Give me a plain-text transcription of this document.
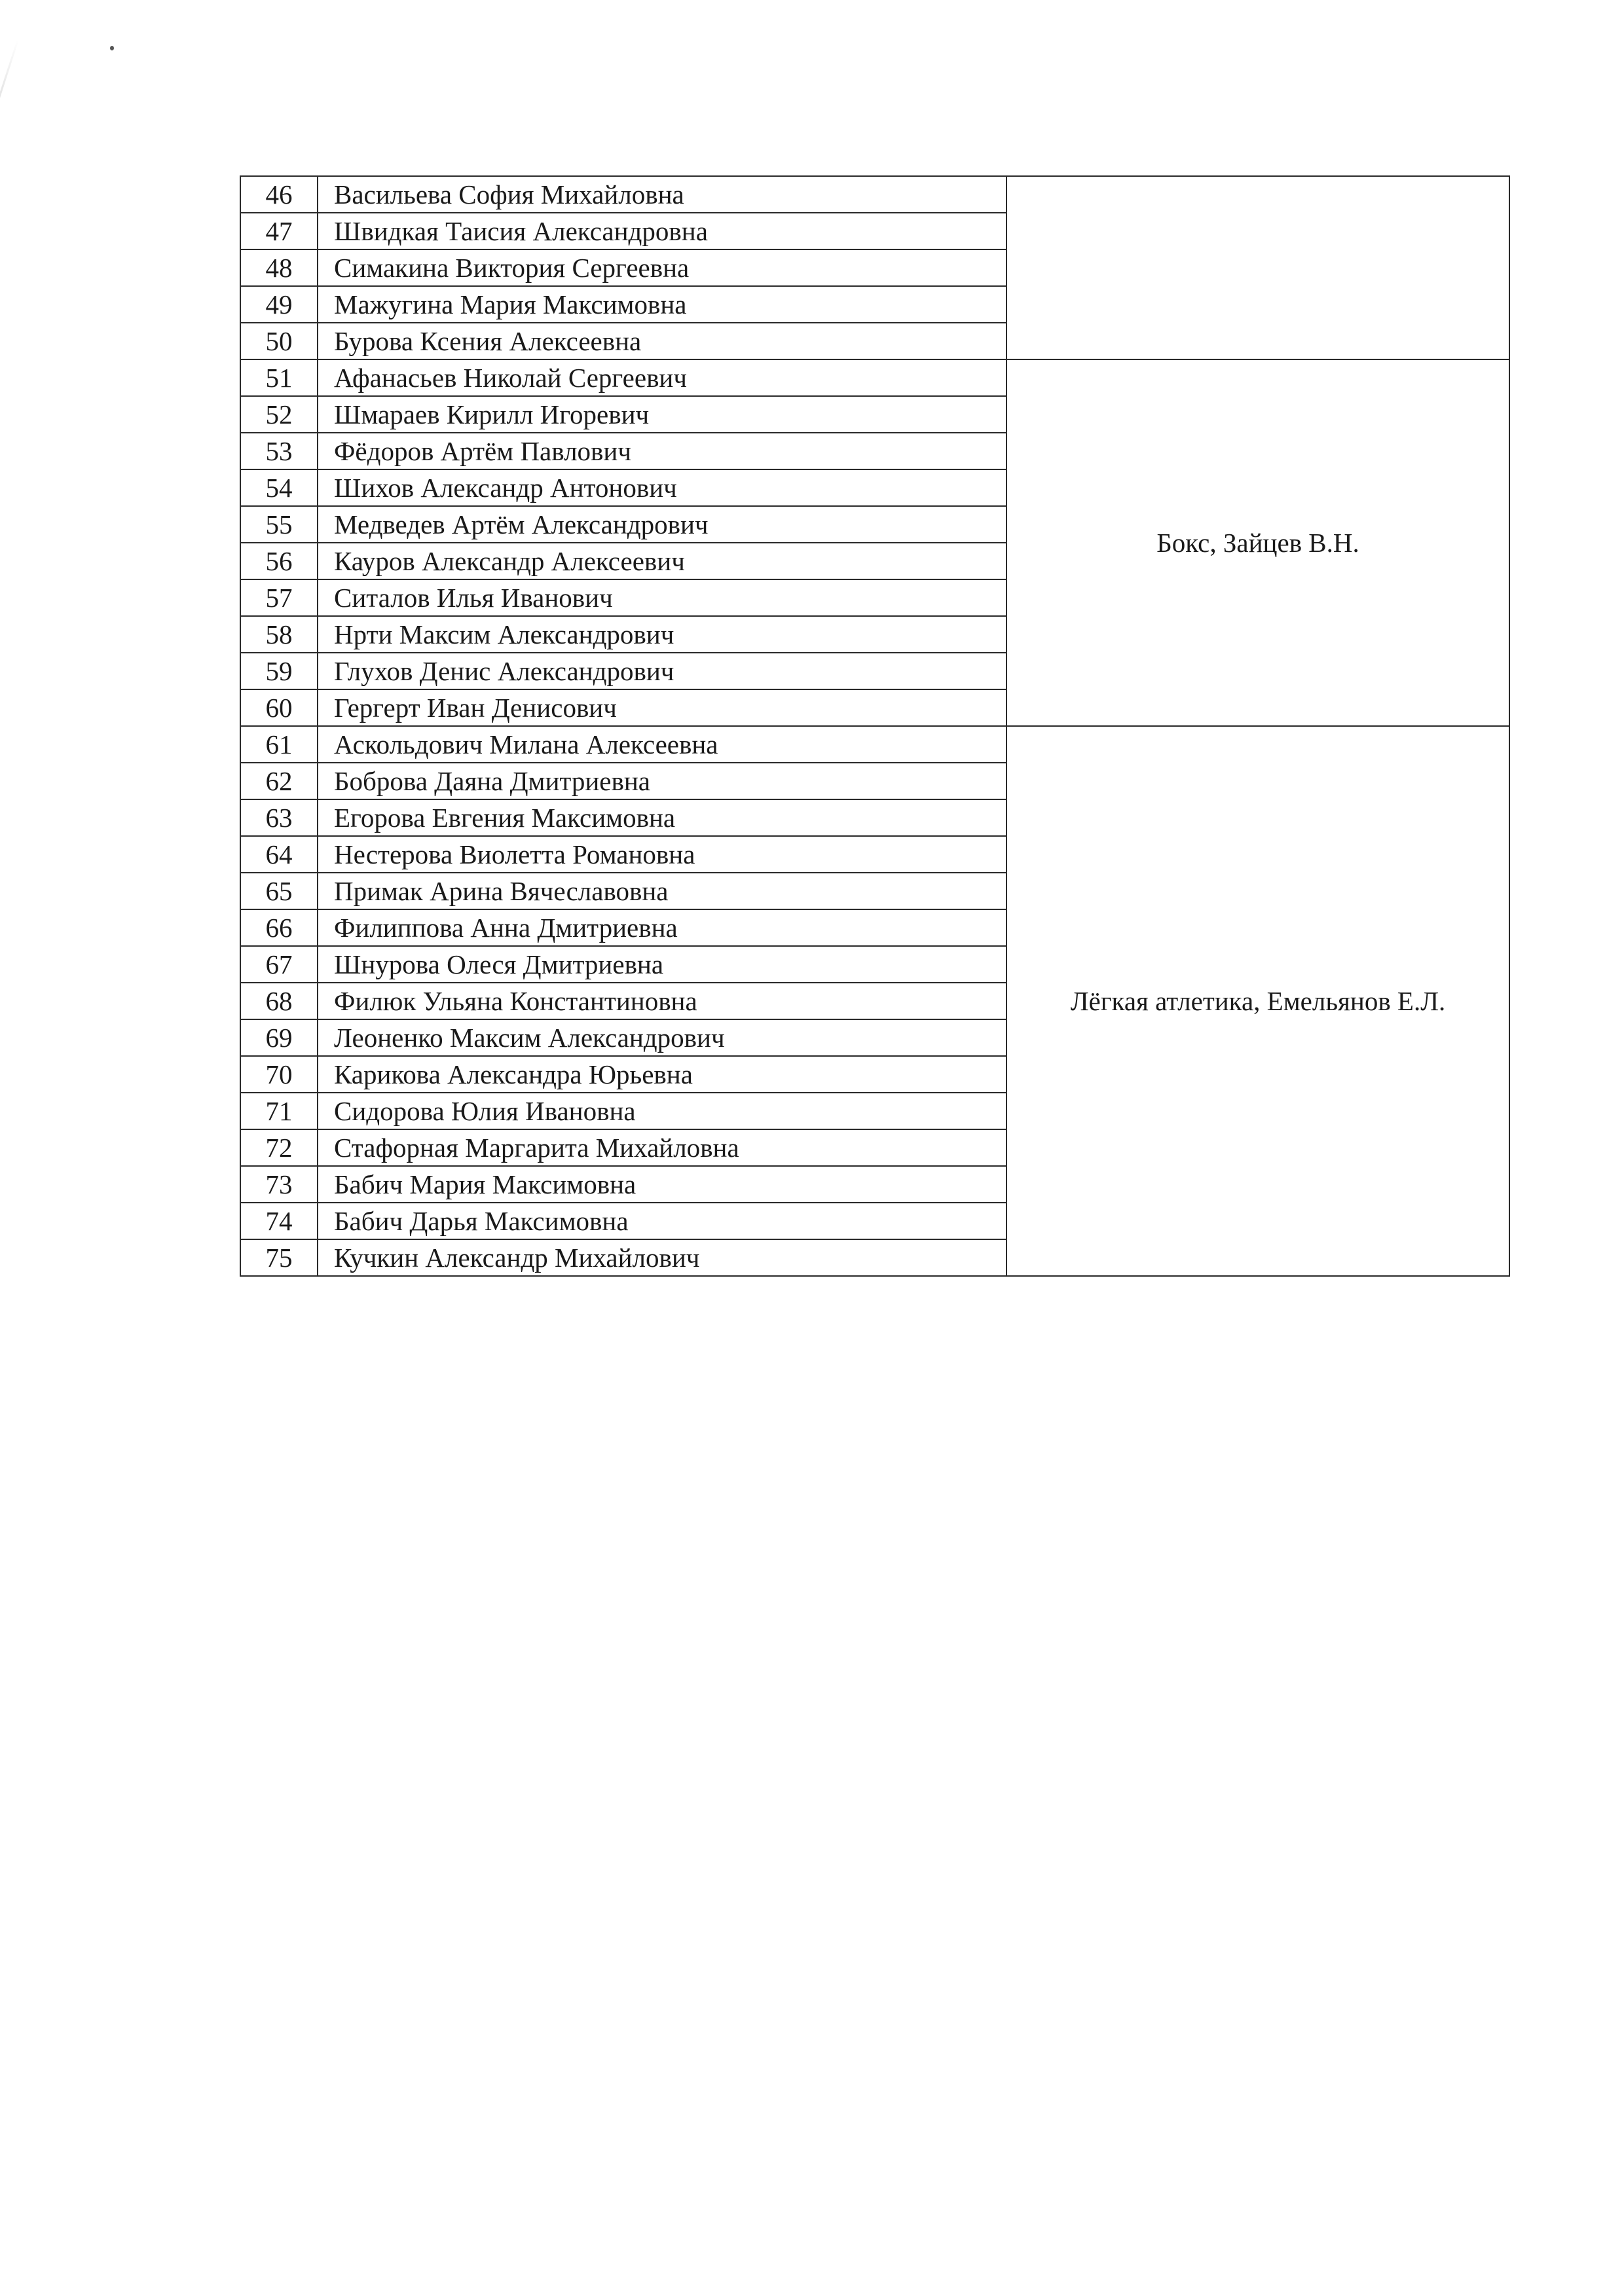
46	Васильева София Михайловна	
47	Швидкая Таисия Александровна	
48	Симакина Виктория Сергеевна	
49	Мажугина Мария Максимовна	
50	Бурова Ксения Алексеевна	
51	Афанасьев Николай Сергеевич	Бокс, Зайцев В.Н.
52	Шмараев Кирилл Игоревич	
53	Фёдоров Артём Павлович	
54	Шихов Александр Антонович	
55	Медведев Артём Александрович	
56	Кауров Александр Алексеевич	
57	Ситалов Илья Иванович	
58	Нрти Максим Александрович	
59	Глухов Денис Александрович	
60	Гергерт Иван Денисович	
61	Аскольдович Милана Алексеевна	Лёгкая атлетика, Емельянов Е.Л.
62	Боброва Даяна Дмитриевна	
63	Егорова Евгения Максимовна	
64	Нестерова Виолетта Романовна	
65	Примак Арина Вячеславовна	
66	Филиппова Анна Дмитриевна	
67	Шнурова Олеся Дмитриевна	
68	Филюк Ульяна Константиновна	
69	Леоненко Максим Александрович	
70	Карикова Александра Юрьевна	
71	Сидорова Юлия Ивановна	
72	Стафорная Маргарита Михайловна	
73	Бабич Мария Максимовна	
74	Бабич Дарья Максимовна	
75	Кучкин Александр Михайлович	
